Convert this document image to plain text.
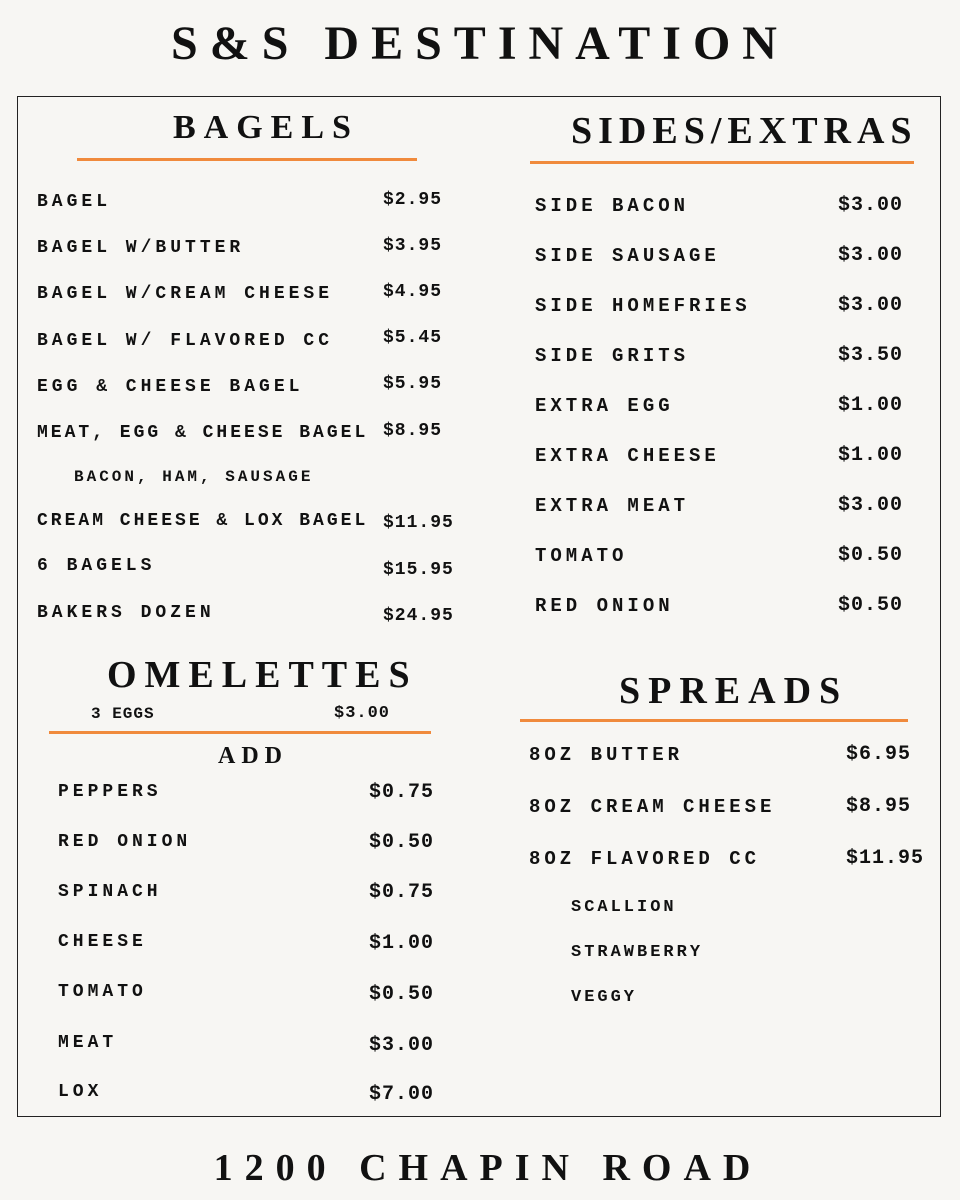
S&S DESTINATION
BAGELS
BAGEL	$2.95
BAGEL W/BUTTER	$3.95
BAGEL W/CREAM CHEESE	$4.95
BAGEL W/ FLAVORED CC	$5.45
EGG & CHEESE BAGEL	$5.95
MEAT, EGG & CHEESE BAGEL $8.95
BACON, HAM, SAUSAGE
CREAM CHEESE & LOX BAGEL $11.95
6 BAGELS	$15.95
BAKERS DOZEN	$24.95
OMELETTES
3 EGGS	$3.00
ADD
PEPPERS	$0.75
RED ONION	$0.50
SPINACH	$0.75
CHEESE	$1.00
TOMATO	$0.50
MEAT	$3.00
LOX	$7.00
SIDES/EXTRAS
SIDE BACON	$3.00
SIDE SAUSAGE	$3.00
SIDE HOMEFRIES	$3.00
SIDE GRITS	$3.50
EXTRA EGG	$1.00
EXTRA CHEESE	$1.00
EXTRA MEAT	$3.00
TOMATO	$0.50
RED ONION	$0.50
SPREADS
8OZ BUTTER	$6.95
8OZ CREAM CHEESE	$8.95
8OZ FLAVORED CC	$11.95
SCALLION
STRAWBERRY
VEGGY
1200 CHAPIN ROAD
